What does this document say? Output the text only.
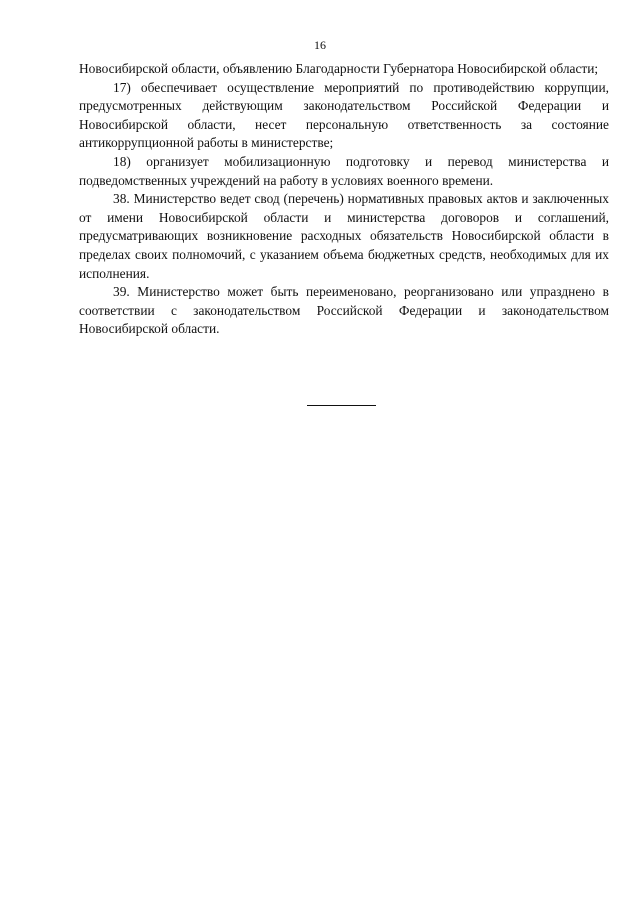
16

Новосибирской области, объявлению Благодарности Губернатора Новосибирской области;

17) обеспечивает осуществление мероприятий по противодействию коррупции, предусмотренных действующим законодательством Российской Федерации и Новосибирской области, несет персональную ответственность за состояние антикоррупционной работы в министерстве;

18) организует мобилизационную подготовку и перевод министерства и подведомственных учреждений на работу в условиях военного времени.

38. Министерство ведет свод (перечень) нормативных правовых актов и заключенных от имени Новосибирской области и министерства договоров и соглашений, предусматривающих возникновение расходных обязательств Новосибирской области в пределах своих полномочий, с указанием объема бюджетных средств, необходимых для их исполнения.

39. Министерство может быть переименовано, реорганизовано или упразднено в соответствии с законодательством Российской Федерации и законодательством Новосибирской области.
